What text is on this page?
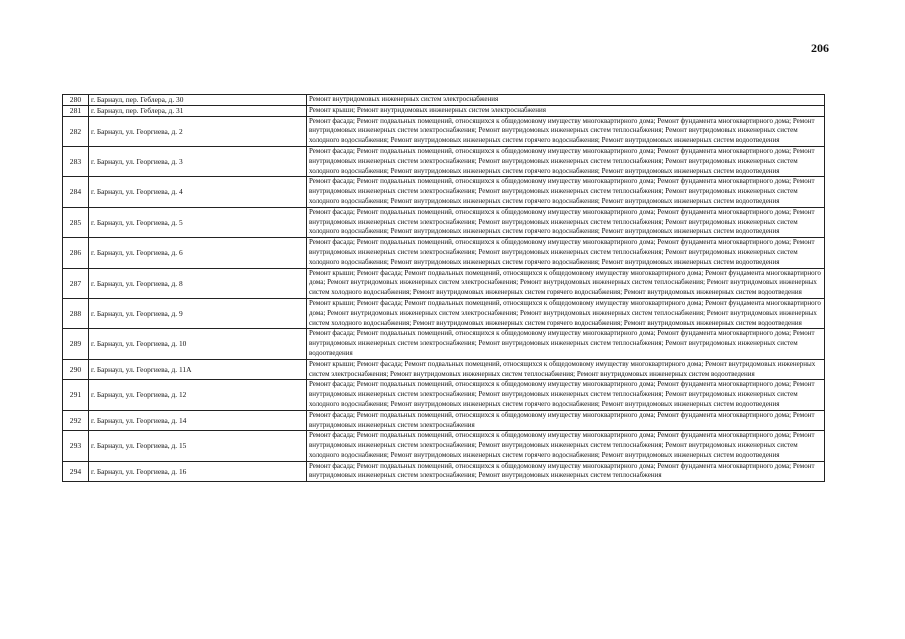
206
280	г. Барнаул, пер. Геблера, д. 30	Ремонт внутридомовых инженерных систем электроснабжения
281	г. Барнаул, пер. Геблера, д. 31	Ремонт крыши; Ремонт внутридомовых инженерных систем электроснабжения
282	г. Барнаул, ул. Георгиева, д. 2	Ремонт фасада; Ремонт подвальных помещений, относящихся к общедомовому имуществу многоквартирного дома; Ремонт фундамента многоквартирного дома; Ремонт внутридомовых инженерных систем электроснабжения; Ремонт внутридомовых инженерных систем теплоснабжения; Ремонт внутридомовых инженерных систем холодного водоснабжения; Ремонт внутридомовых инженерных систем горячего водоснабжения; Ремонт внутридомовых инженерных систем водоотведения
283	г. Барнаул, ул. Георгиева, д. 3	Ремонт фасада; Ремонт подвальных помещений, относящихся к общедомовому имуществу многоквартирного дома; Ремонт фундамента многоквартирного дома; Ремонт внутридомовых инженерных систем электроснабжения; Ремонт внутридомовых инженерных систем теплоснабжения; Ремонт внутридомовых инженерных систем холодного водоснабжения; Ремонт внутридомовых инженерных систем горячего водоснабжения; Ремонт внутридомовых инженерных систем водоотведения
284	г. Барнаул, ул. Георгиева, д. 4	Ремонт фасада; Ремонт подвальных помещений, относящихся к общедомовому имуществу многоквартирного дома; Ремонт фундамента многоквартирного дома; Ремонт внутридомовых инженерных систем электроснабжения; Ремонт внутридомовых инженерных систем теплоснабжения; Ремонт внутридомовых инженерных систем холодного водоснабжения; Ремонт внутридомовых инженерных систем горячего водоснабжения; Ремонт внутридомовых инженерных систем водоотведения
285	г. Барнаул, ул. Георгиева, д. 5	Ремонт фасада; Ремонт подвальных помещений, относящихся к общедомовому имуществу многоквартирного дома; Ремонт фундамента многоквартирного дома; Ремонт внутридомовых инженерных систем электроснабжения; Ремонт внутридомовых инженерных систем теплоснабжения; Ремонт внутридомовых инженерных систем холодного водоснабжения; Ремонт внутридомовых инженерных систем горячего водоснабжения; Ремонт внутридомовых инженерных систем водоотведения
286	г. Барнаул, ул. Георгиева, д. 6	Ремонт фасада; Ремонт подвальных помещений, относящихся к общедомовому имуществу многоквартирного дома; Ремонт фундамента многоквартирного дома; Ремонт внутридомовых инженерных систем электроснабжения; Ремонт внутридомовых инженерных систем теплоснабжения; Ремонт внутридомовых инженерных систем холодного водоснабжения; Ремонт внутридомовых инженерных систем горячего водоснабжения; Ремонт внутридомовых инженерных систем водоотведения
287	г. Барнаул, ул. Георгиева, д. 8	Ремонт крыши; Ремонт фасада; Ремонт подвальных помещений, относящихся к общедомовому имуществу многоквартирного дома; Ремонт фундамента многоквартирного дома; Ремонт внутридомовых инженерных систем электроснабжения; Ремонт внутридомовых инженерных систем теплоснабжения; Ремонт внутридомовых инженерных систем холодного водоснабжения; Ремонт внутридомовых инженерных систем горячего водоснабжения; Ремонт внутридомовых инженерных систем водоотведения
288	г. Барнаул, ул. Георгиева, д. 9	Ремонт крыши; Ремонт фасада; Ремонт подвальных помещений, относящихся к общедомовому имуществу многоквартирного дома; Ремонт фундамента многоквартирного дома; Ремонт внутридомовых инженерных систем электроснабжения; Ремонт внутридомовых инженерных систем теплоснабжения; Ремонт внутридомовых инженерных систем холодного водоснабжения; Ремонт внутридомовых инженерных систем горячего водоснабжения; Ремонт внутридомовых инженерных систем водоотведения
289	г. Барнаул, ул. Георгиева, д. 10	Ремонт фасада; Ремонт подвальных помещений, относящихся к общедомовому имуществу многоквартирного дома; Ремонт фундамента многоквартирного дома; Ремонт внутридомовых инженерных систем электроснабжения; Ремонт внутридомовых инженерных систем теплоснабжения; Ремонт внутридомовых инженерных систем водоотведения
290	г. Барнаул, ул. Георгиева, д. 11А	Ремонт крыши; Ремонт фасада; Ремонт подвальных помещений, относящихся к общедомовому имуществу многоквартирного дома; Ремонт внутридомовых инженерных систем электроснабжения; Ремонт внутридомовых инженерных систем теплоснабжения; Ремонт внутридомовых инженерных систем водоотведения
291	г. Барнаул, ул. Георгиева, д. 12	Ремонт фасада; Ремонт подвальных помещений, относящихся к общедомовому имуществу многоквартирного дома; Ремонт фундамента многоквартирного дома; Ремонт внутридомовых инженерных систем электроснабжения; Ремонт внутридомовых инженерных систем теплоснабжения; Ремонт внутридомовых инженерных систем холодного водоснабжения; Ремонт внутридомовых инженерных систем горячего водоснабжения; Ремонт внутридомовых инженерных систем водоотведения
292	г. Барнаул, ул. Георгиева, д. 14	Ремонт фасада; Ремонт подвальных помещений, относящихся к общедомовому имуществу многоквартирного дома; Ремонт фундамента многоквартирного дома; Ремонт внутридомовых инженерных систем электроснабжения
293	г. Барнаул, ул. Георгиева, д. 15	Ремонт фасада; Ремонт подвальных помещений, относящихся к общедомовому имуществу многоквартирного дома; Ремонт фундамента многоквартирного дома; Ремонт внутридомовых инженерных систем электроснабжения; Ремонт внутридомовых инженерных систем теплоснабжения; Ремонт внутридомовых инженерных систем холодного водоснабжения; Ремонт внутридомовых инженерных систем горячего водоснабжения; Ремонт внутридомовых инженерных систем водоотведения
294	г. Барнаул, ул. Георгиева, д. 16	Ремонт фасада; Ремонт подвальных помещений, относящихся к общедомовому имуществу многоквартирного дома; Ремонт фундамента многоквартирного дома; Ремонт внутридомовых инженерных систем электроснабжения; Ремонт внутридомовых инженерных систем теплоснабжения
